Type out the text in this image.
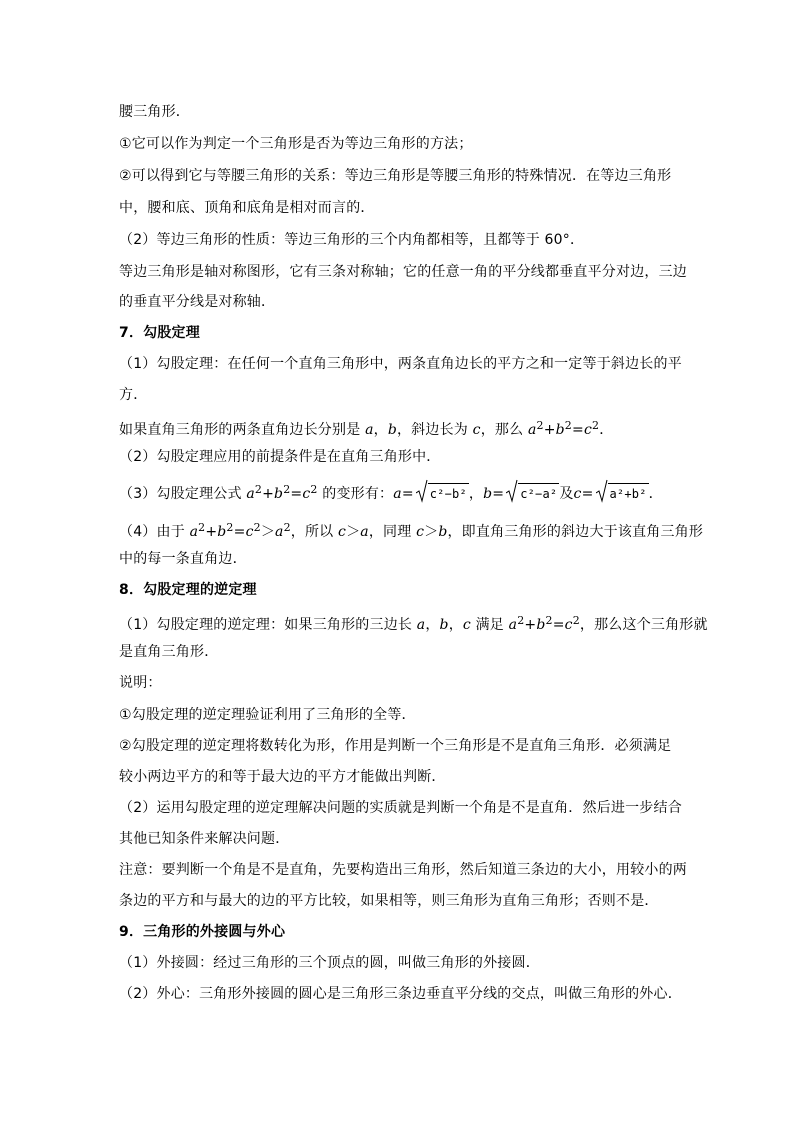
腰三角形．
①它可以作为判定一个三角形是否为等边三角形的方法；
②可以得到它与等腰三角形的关系：等边三角形是等腰三角形的特殊情况．在等边三角形
中，腰和底、顶角和底角是相对而言的．
（2）等边三角形的性质：等边三角形的三个内角都相等，且都等于 60°．
等边三角形是轴对称图形，它有三条对称轴；它的任意一角的平分线都垂直平分对边，三边
的垂直平分线是对称轴．
7．勾股定理
（1）勾股定理：在任何一个直角三角形中，两条直角边长的平方之和一定等于斜边长的平
方．
如果直角三角形的两条直角边长分别是 a，b，斜边长为 c，那么 $a^2+b^2=c^2$．
（2）勾股定理应用的前提条件是在直角三角形中．
（3）勾股定理公式 $a^2+b^2=c^2$ 的变形有：a= c²−b² ，b= c²−a² 及c= a²+b² ．
（4）由于 $a^2+b^2=c^2>a^2$，所以 c＞a，同理 c＞b，即直角三角形的斜边大于该直角三角形
中的每一条直角边．
8．勾股定理的逆定理
（1）勾股定理的逆定理：如果三角形的三边长 a，b，c 满足 $a^2+b^2=c^2$，那么这个三角形就
是直角三角形．
说明：
①勾股定理的逆定理验证利用了三角形的全等．
②勾股定理的逆定理将数转化为形，作用是判断一个三角形是不是直角三角形．必须满足
较小两边平方的和等于最大边的平方才能做出判断．
（2）运用勾股定理的逆定理解决问题的实质就是判断一个角是不是直角．然后进一步结合
其他已知条件来解决问题．
注意：要判断一个角是不是直角，先要构造出三角形，然后知道三条边的大小，用较小的两
条边的平方和与最大的边的平方比较，如果相等，则三角形为直角三角形；否则不是．
9．三角形的外接圆与外心
（1）外接圆：经过三角形的三个顶点的圆，叫做三角形的外接圆．
（2）外心：三角形外接圆的圆心是三角形三条边垂直平分线的交点，叫做三角形的外心．
